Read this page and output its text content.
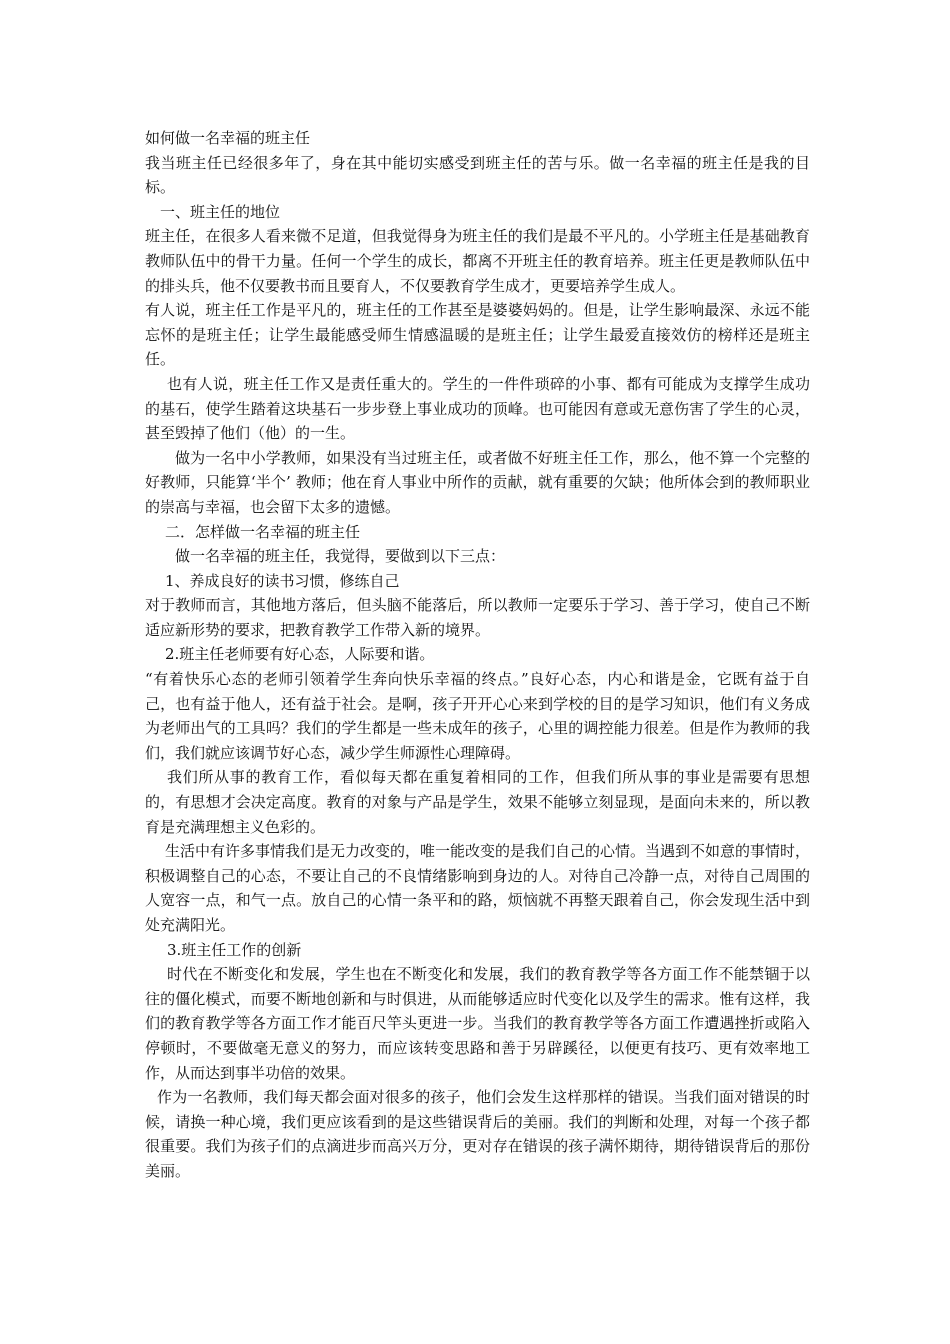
如何做一名幸福的班主任

我当班主任已经很多年了，身在其中能切实感受到班主任的苦与乐。做一名幸福的班主任是我的目标。

一、班主任的地位

班主任，在很多人看来微不足道，但我觉得身为班主任的我们是最不平凡的。小学班主任是基础教育教师队伍中的骨干力量。任何一个学生的成长，都离不开班主任的教育培养。班主任更是教师队伍中的排头兵，他不仅要教书而且要育人，不仅要教育学生成才，更要培养学生成人。

有人说，班主任工作是平凡的，班主任的工作甚至是婆婆妈妈的。但是，让学生影响最深、永远不能忘怀的是班主任；让学生最能感受师生情感温暖的是班主任；让学生最爱直接效仿的榜样还是班主任。

也有人说，班主任工作又是责任重大的。学生的一件件琐碎的小事、都有可能成为支撑学生成功的基石，使学生踏着这块基石一步步登上事业成功的顶峰。也可能因有意或无意伤害了学生的心灵，甚至毁掉了他们（他）的一生。

做为一名中小学教师，如果没有当过班主任，或者做不好班主任工作，那么，他不算一个完整的好教师，只能算‘半个’ 教师；他在育人事业中所作的贡献，就有重要的欠缺；他所体会到的教师职业的崇高与幸福，也会留下太多的遗憾。

二．怎样做一名幸福的班主任

做一名幸福的班主任，我觉得，要做到以下三点：

1、养成良好的读书习惯，修练自己

对于教师而言，其他地方落后，但头脑不能落后，所以教师一定要乐于学习、善于学习，使自己不断适应新形势的要求，把教育教学工作带入新的境界。

2.班主任老师要有好心态，人际要和谐。

“有着快乐心态的老师引领着学生奔向快乐幸福的终点。”良好心态，内心和谐是金，它既有益于自己，也有益于他人，还有益于社会。是啊，孩子开开心心来到学校的目的是学习知识，他们有义务成为老师出气的工具吗？我们的学生都是一些未成年的孩子，心里的调控能力很差。但是作为教师的我们，我们就应该调节好心态，减少学生师源性心理障碍。

我们所从事的教育工作，看似每天都在重复着相同的工作，但我们所从事的事业是需要有思想的，有思想才会决定高度。教育的对象与产品是学生，效果不能够立刻显现，是面向未来的，所以教育是充满理想主义色彩的。

生活中有许多事情我们是无力改变的，唯一能改变的是我们自己的心情。当遇到不如意的事情时，积极调整自己的心态，不要让自己的不良情绪影响到身边的人。对待自己冷静一点，对待自己周围的人宽容一点，和气一点。放自己的心情一条平和的路，烦恼就不再整天跟着自己，你会发现生活中到处充满阳光。

3.班主任工作的创新

时代在不断变化和发展，学生也在不断变化和发展，我们的教育教学等各方面工作不能禁锢于以往的僵化模式，而要不断地创新和与时俱进，从而能够适应时代变化以及学生的需求。惟有这样，我们的教育教学等各方面工作才能百尺竿头更进一步。当我们的教育教学等各方面工作遭遇挫折或陷入停顿时，不要做毫无意义的努力，而应该转变思路和善于另辟蹊径，以便更有技巧、更有效率地工作，从而达到事半功倍的效果。

作为一名教师，我们每天都会面对很多的孩子，他们会发生这样那样的错误。当我们面对错误的时候，请换一种心境，我们更应该看到的是这些错误背后的美丽。我们的判断和处理，对每一个孩子都很重要。我们为孩子们的点滴进步而高兴万分，更对存在错误的孩子满怀期待，期待错误背后的那份美丽。
